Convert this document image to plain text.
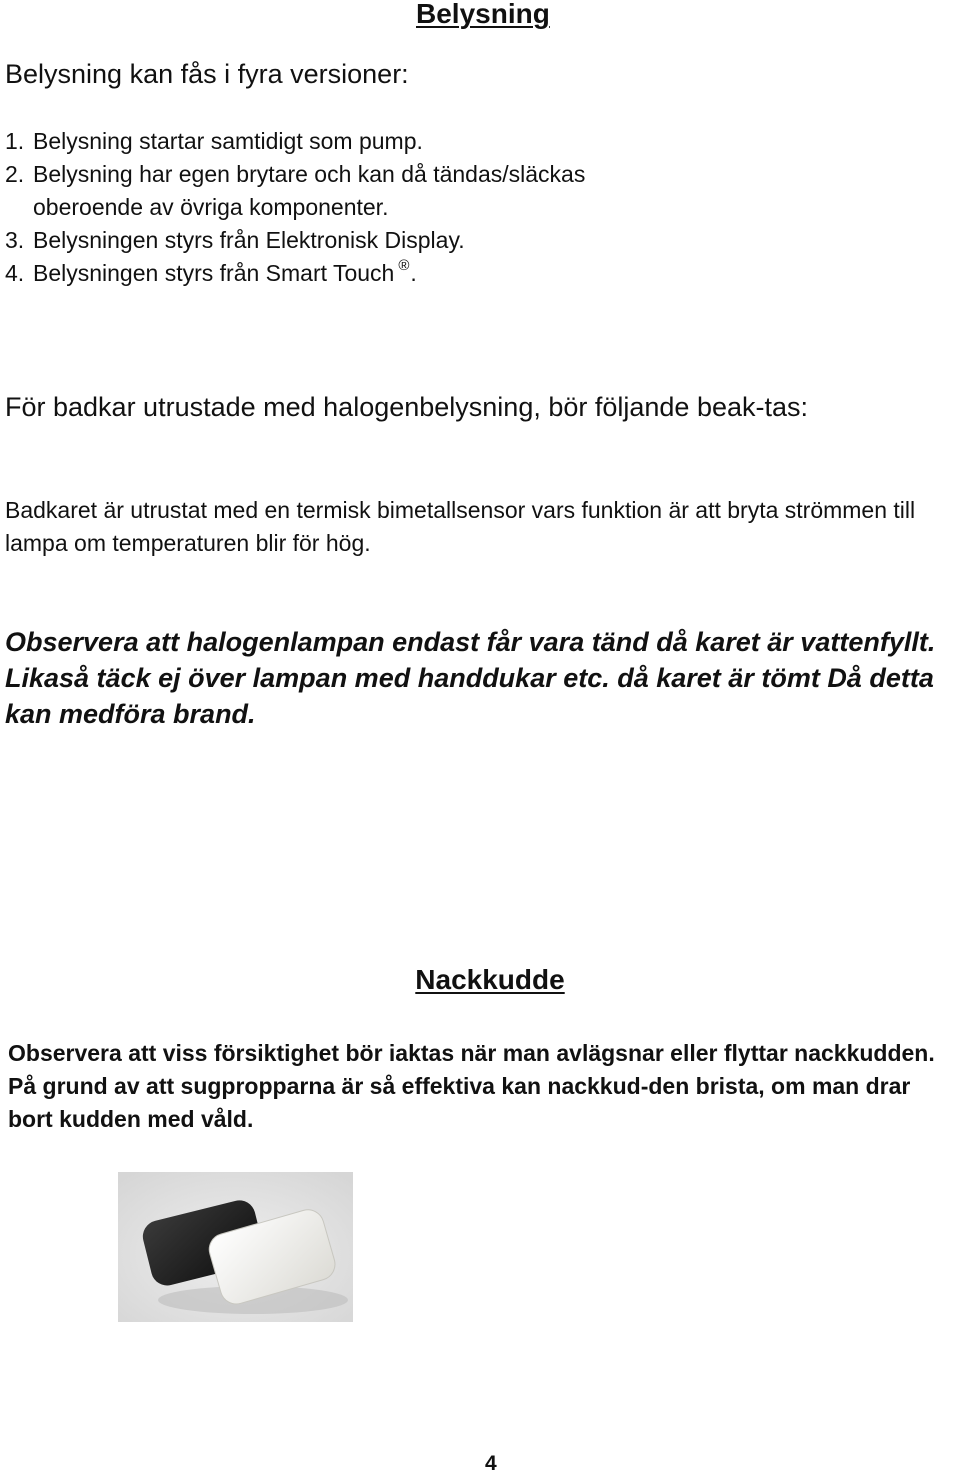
Belysning
Belysning kan fås i fyra versioner:
1. Belysning startar samtidigt som pump.
2. Belysning har egen brytare och kan då tändas/släckas
oberoende av övriga komponenter.
3. Belysningen styrs från Elektronisk Display.
4. Belysningen styrs från Smart Touch ®.
För badkar utrustade med halogenbelysning, bör följande beak-tas:
Badkaret är utrustat med en termisk bimetallsensor vars funktion är att bryta strömmen till lampa om temperaturen blir för hög.
Observera att halogenlampan endast får vara tänd då karet är vattenfyllt. Likaså täck ej över lampan med handdukar etc. då karet är tömt Då detta kan medföra brand.
Nackkudde
Observera att viss försiktighet bör iaktas när man avlägsnar eller flyttar nackkudden. På grund av att sugpropparna är så effektiva kan nackkud-den brista, om man drar bort kudden med våld.
4
